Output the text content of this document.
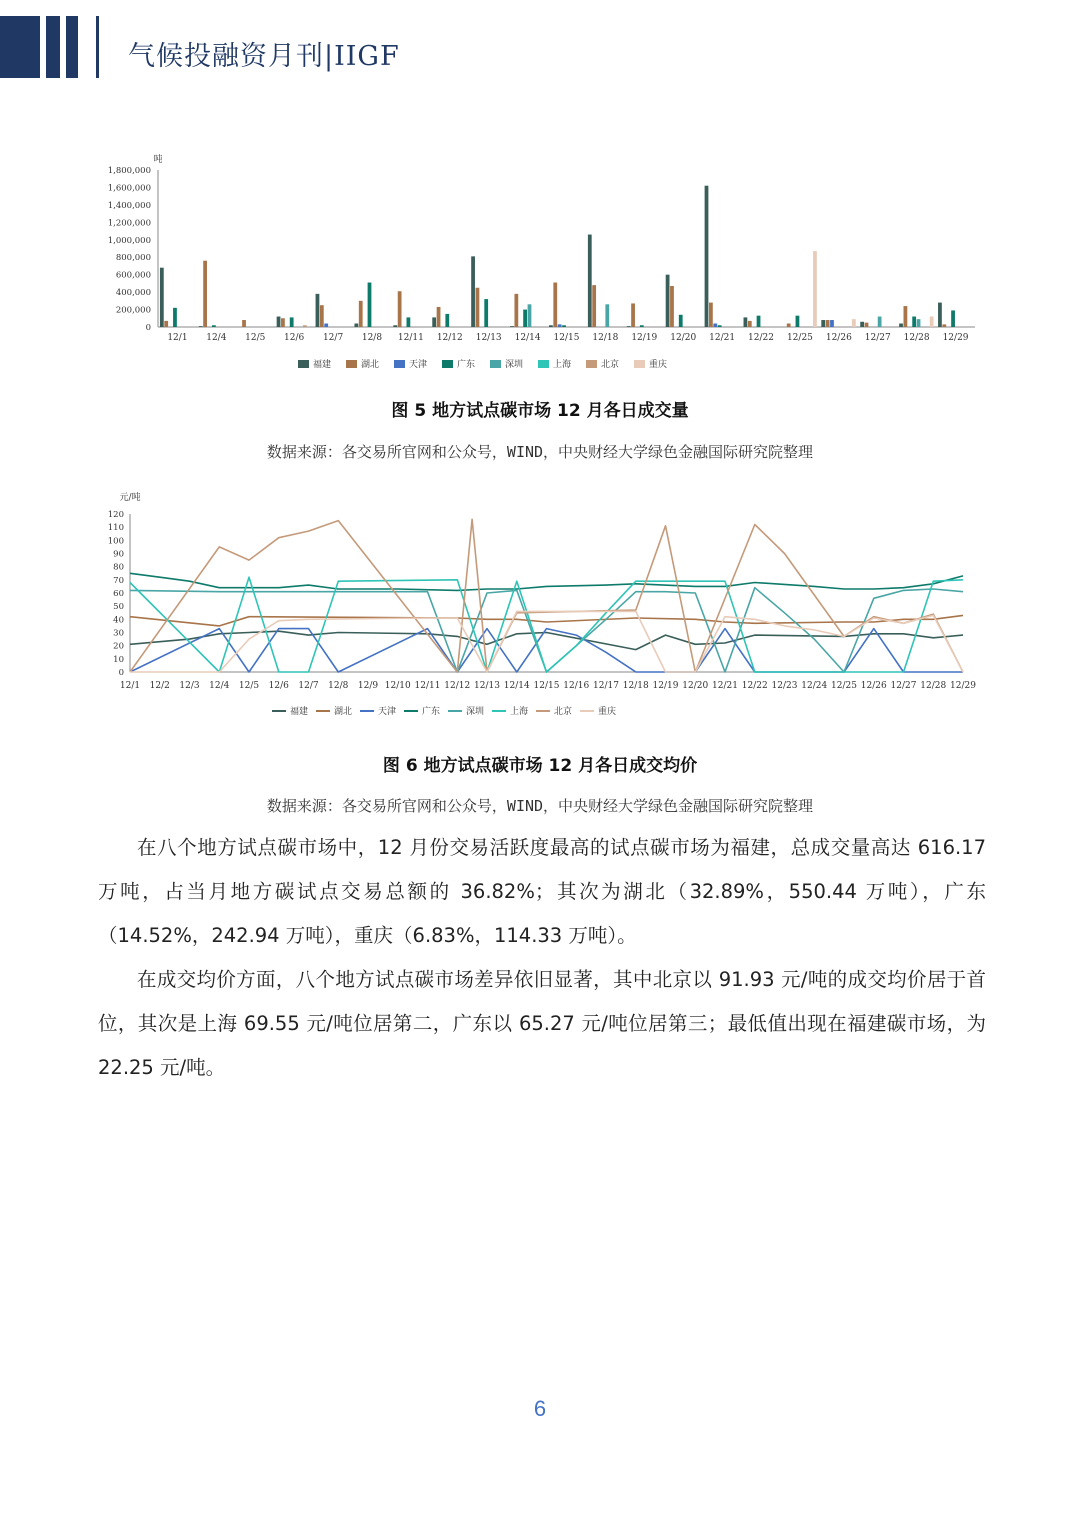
气候投融资月刊|IIGF
吨
0
200,000
400,000
600,000
800,000
1,000,000
1,200,000
1,400,000
1,600,000
1,800,000
12/1 12/4 12/5 12/6 12/7 12/8 12/11 12/12 12/13 12/14 12/15 12/18 12/19 12/20 12/21 12/22 12/25 12/26 12/27 12/28 12/29
福建	湖北	天津	广东	深圳	上海	北京	重庆
图 5 地方试点碳市场 12 月各日成交量
数据来源：各交易所官网和公众号，WIND，中央财经大学绿色金融国际研究院整理
元/吨
0
10
20
30
40
50
60
70
80
90
100
110
120
12/1 12/2 12/3 12/4 12/5 12/6 12/7 12/8 12/9 12/10 12/11 12/12 12/13 12/14 12/15 12/16 12/17 12/18 12/19 12/20 12/21 12/22 12/23 12/24 12/25 12/26 12/27 12/28 12/29
福建	湖北	天津	广东	深圳	上海	北京	重庆
图 6 地方试点碳市场 12 月各日成交均价
数据来源：各交易所官网和公众号，WIND，中央财经大学绿色金融国际研究院整理

在八个地方试点碳市场中，12 月份交易活跃度最高的试点碳市场为福建，总成交量高达 616.17 万吨，占当月地方碳试点交易总额的 36.82%；其次为湖北（32.89%，550.44 万吨），广东（14.52%，242.94 万吨），重庆（6.83%，114.33 万吨）。

在成交均价方面，八个地方试点碳市场差异依旧显著，其中北京以 91.93 元/吨的成交均价居于首位，其次是上海 69.55 元/吨位居第二，广东以 65.27 元/吨位居第三；最低值出现在福建碳市场，为 22.25 元/吨。

6
